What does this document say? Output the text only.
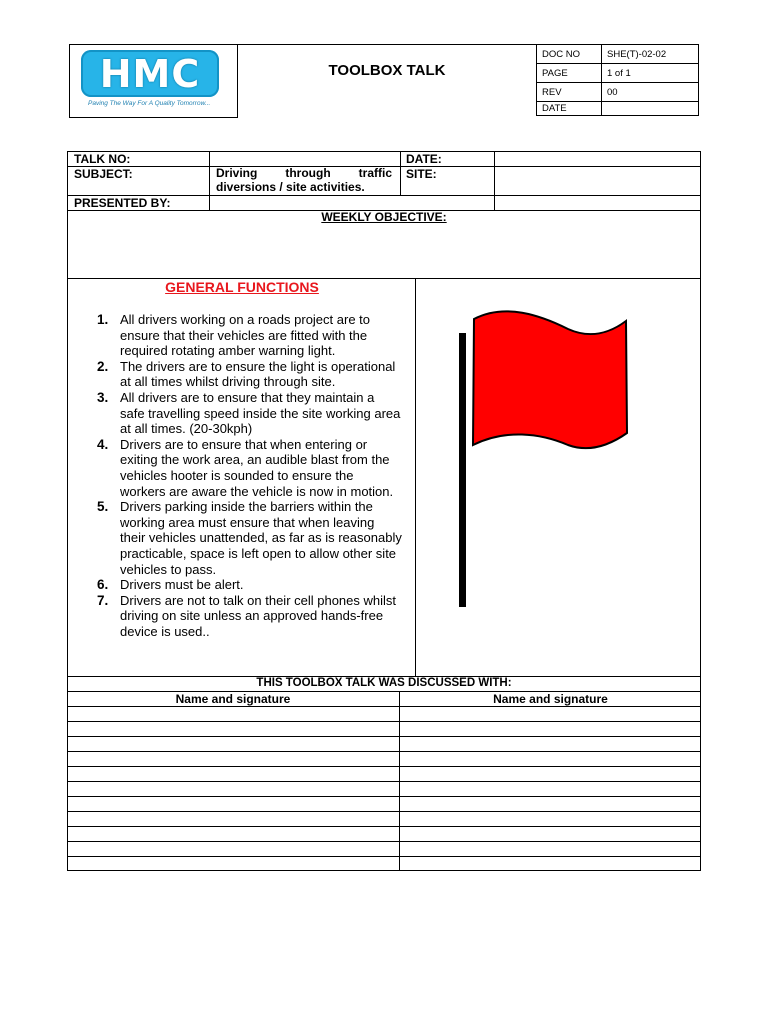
HMC
Paving The Way For A Quality Tomorrow...
TOOLBOX TALK
DOC NO	SHE(T)-02-02
PAGE	1 of 1
REV	00
DATE	
TALK NO:	DATE:
SUBJECT:	Driving through traffic diversions / site activities.
SITE:
PRESENTED BY:
WEEKLY OBJECTIVE:
GENERAL FUNCTIONS
1. All drivers working on a roads project are to ensure that their vehicles are fitted with the required rotating amber warning light.
2. The drivers are to ensure the light is operational at all times whilst driving through site.
3. All drivers are to ensure that they maintain a safe travelling speed inside the site working area at all times. (20-30kph)
4. Drivers are to ensure that when entering or exiting the work area, an audible blast from the vehicles hooter is sounded to ensure the workers are aware the vehicle is now in motion.
5. Drivers parking inside the barriers within the working area must ensure that when leaving their vehicles unattended, as far as is reasonably practicable, space is left open to allow other site vehicles to pass.
6. Drivers must be alert.
7. Drivers are not to talk on their cell phones whilst driving on site unless an approved hands-free device is used..
THIS TOOLBOX TALK WAS DISCUSSED WITH:
Name and signature	Name and signature
